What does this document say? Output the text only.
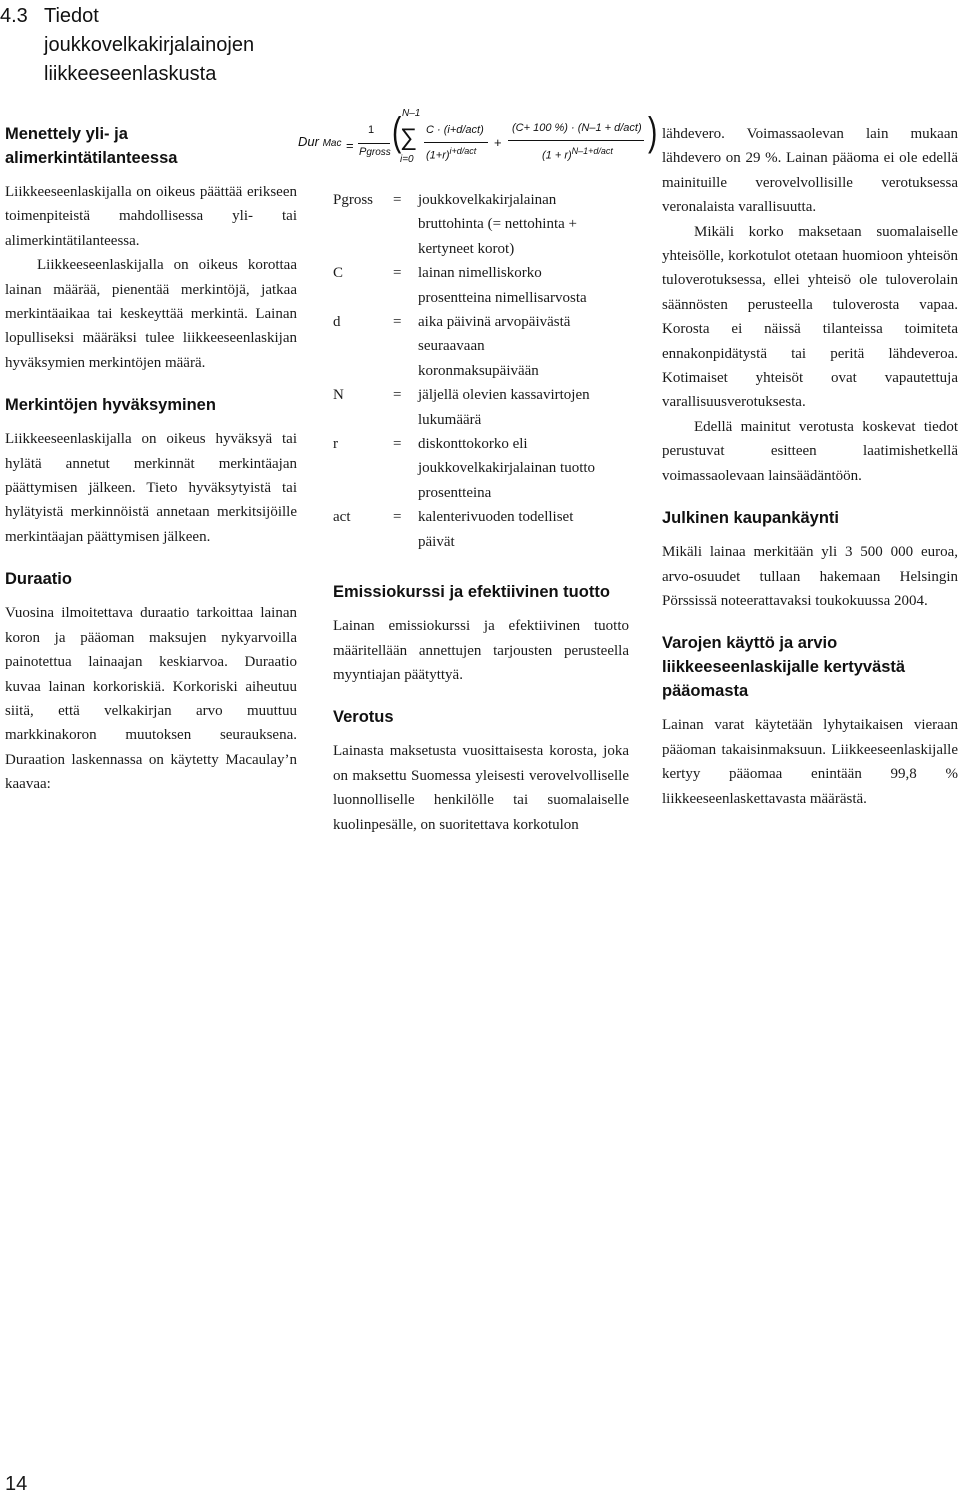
4.3 Tiedot joukkovelkakirjalainojen liikkeeseenlaskusta
Menettely yli- ja alimerkintätilanteessa

Liikkeeseenlaskijalla on oikeus päättää erikseen toimenpiteistä mahdollisessa yli- tai alimerkintätilanteessa.

Liikkeeseenlaskijalla on oikeus korottaa lainan määrää, pienentää merkintöjä, jatkaa merkintäaikaa tai keskeyttää merkintä. Lainan lopulliseksi määräksi tulee liikkeeseenlaskijan hyväksymien merkintöjen määrä.

Merkintöjen hyväksyminen

Liikkeeseenlaskijalla on oikeus hyväksyä tai hylätä annetut merkinnät merkintäajan päättymisen jälkeen. Tieto hyväksytyistä tai hylätyistä merkinnöistä annetaan merkitsijöille merkintäajan päättymisen jälkeen.

Duraatio

Vuosina ilmoitettava duraatio tarkoittaa lainan koron ja pääoman maksujen nykyarvoilla painotettua lainaajan keskiarvoa. Duraatio kuvaa lainan korkoriskiä. Korkoriski aiheutuu siitä, että velkakirjan arvo muuttuu markkinakoron muutoksen seurauksena. Duraation laskennassa on käytetty Macaulay’n kaavaa:

Dur Mac =
1
Pgross ( N–1
∑
i=0
C · (i+d/act)
$(1+r)^{i+d/act}$
+
(C+ 100 %) · (N–1 + d/act)
$(1 + r)^{N-1+d/act}$ )
Pgross	=	joukkovelkakirjalainan bruttohinta (= nettohinta + kertyneet korot)
C	=	lainan nimelliskorko prosentteina nimellisarvosta
d	=	aika päivinä arvopäivästä seuraavaan koronmaksupäivään
N	=	jäljellä olevien kassavirtojen lukumäärä
r	=	diskonttokorko eli joukkovelkakirjalainan tuotto prosentteina
act	=	kalenterivuoden todelliset päivät
Emissiokurssi ja efektiivinen tuotto

Lainan emissiokurssi ja efektiivinen tuotto määritellään annettujen tarjousten perusteella myyntiajan päätyttyä.

Verotus

Lainasta maksetusta vuosittaisesta korosta, joka on maksettu Suomessa yleisesti verovelvolliselle luonnolliselle henkilölle tai suomalaiselle kuolinpesälle, on suoritettava korkotulon

lähdevero. Voimassaolevan lain mukaan lähdevero on 29 %. Lainan pääoma ei ole edellä mainituille verovelvollisille verotuksessa veronalaista varallisuutta.

Mikäli korko maksetaan suomalaiselle yhteisölle, korkotulot otetaan huomioon yhteisön tuloverotuksessa, ellei yhteisö ole tuloverolain säännösten perusteella tuloverosta vapaa. Korosta ei näissä tilanteissa toimiteta ennakonpidätystä tai peritä lähdeveroa. Kotimaiset yhteisöt ovat vapautettuja varallisuusverotuksesta.

Edellä mainitut verotusta koskevat tiedot perustuvat esitteen laatimishetkellä voimassaolevaan lainsäädäntöön.

Julkinen kaupankäynti

Mikäli lainaa merkitään yli 3 500 000 euroa, arvo-osuudet tullaan hakemaan Helsingin Pörssissä noteerattavaksi toukokuussa 2004.

Varojen käyttö ja arvio liikkeeseenlaskijalle kertyvästä pääomasta

Lainan varat käytetään lyhytaikaisen vieraan pääoman takaisinmaksuun. Liikkeeseenlaskijalle kertyy pääomaa enintään 99,8 % liikkeeseenlaskettavasta määrästä.

14
